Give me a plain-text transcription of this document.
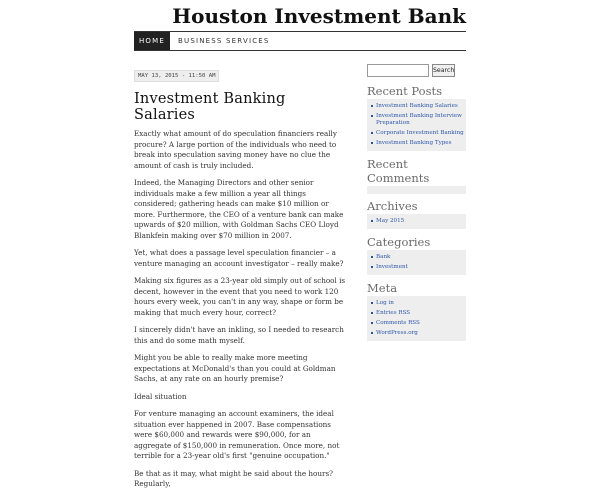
Houston Investment Bank
HOME	BUSINESS SERVICES
MAY 13, 2015 - 11:50 AM
Investment Banking Salaries

Exactly what amount of do speculation financiers really procure? A large portion of the individuals who need to break into speculation saving money have no clue the amount of cash is truly included.

Indeed, the Managing Directors and other senior individuals make a few million a year all things considered; gathering heads can make $10 million or more. Furthermore, the CEO of a venture bank can make upwards of $20 million, with Goldman Sachs CEO Lloyd Blankfein making over $70 million in 2007.

Yet, what does a passage level speculation financier – a venture managing an account investigator – really make?

Making six figures as a 23-year old simply out of school is decent, however in the event that you need to work 120 hours every week, you can't in any way, shape or form be making that much every hour, correct?

I sincerely didn't have an inkling, so I needed to research this and do some math myself.

Might you be able to really make more meeting expectations at McDonald's than you could at Goldman Sachs, at any rate on an hourly premise?

Ideal situation

For venture managing an account examiners, the ideal situation ever happened in 2007. Base compensations were $60,000 and rewards were $90,000, for an aggregate of $150,000 in remuneration. Once more, not terrible for a 23-year old's first "genuine occupation."

Be that as it may, what might be said about the hours? Regularly,

Search
Recent Posts
Investment Banking Salaries
Investment Banking Interview Preparation
Corporate Investment Banking
Investment Banking Types
Recent Comments
Archives
May 2015
Categories
Bank
Investment
Meta
Log in
Entries RSS
Comments RSS
WordPress.org
